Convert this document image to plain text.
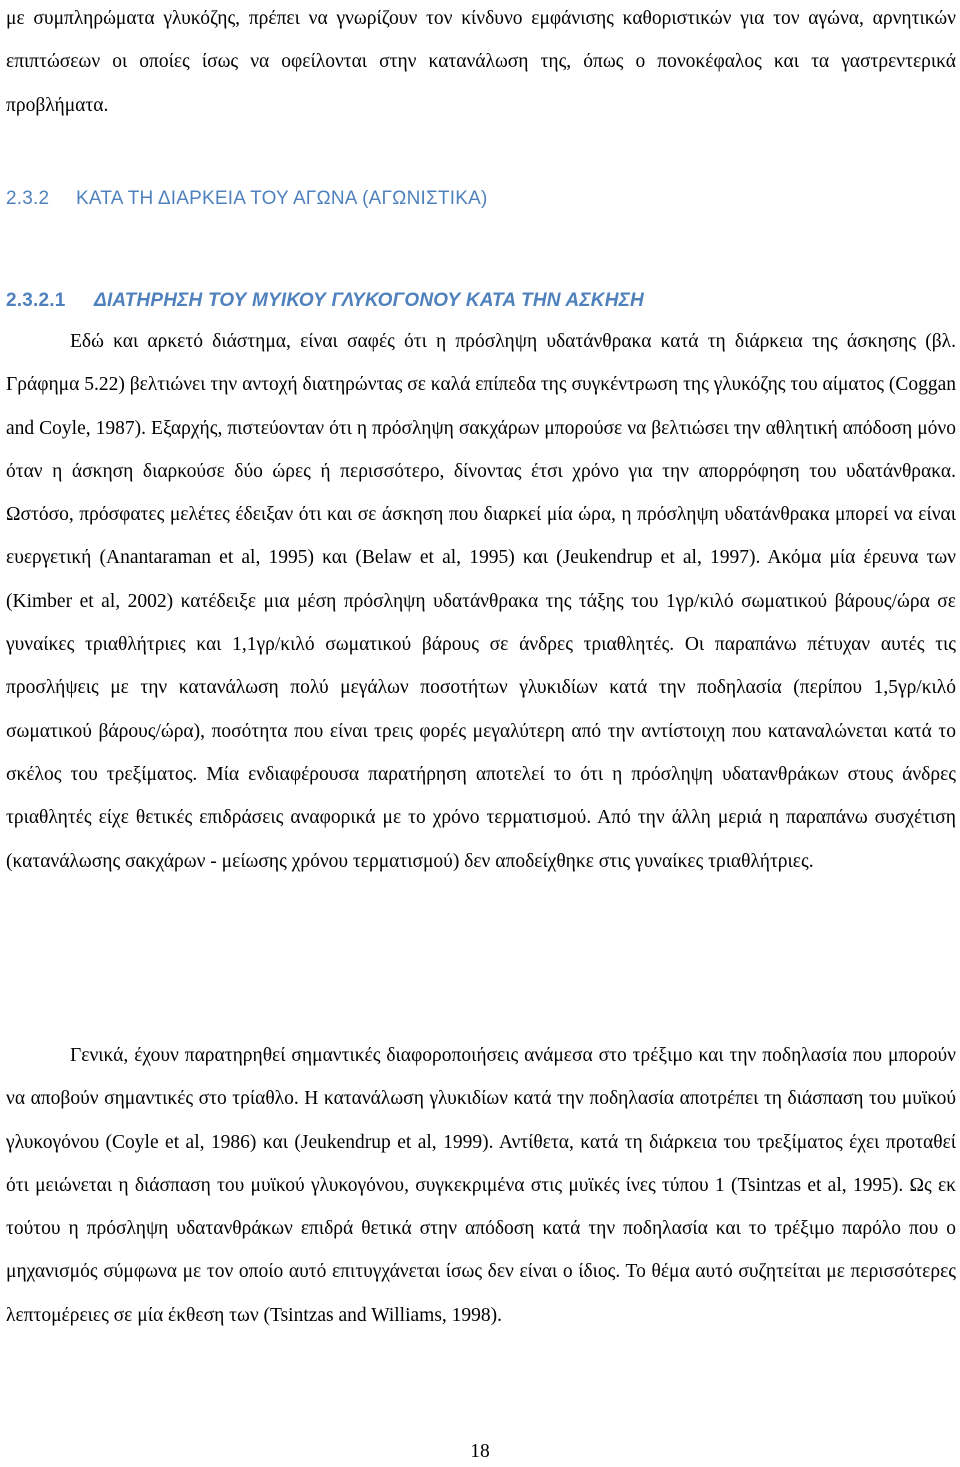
με συμπληρώματα γλυκόζης, πρέπει να γνωρίζουν τον κίνδυνο εμφάνισης καθοριστικών για τον αγώνα, αρνητικών επιπτώσεων οι οποίες ίσως να οφείλονται στην κατανάλωση της, όπως ο πονοκέφαλος και τα γαστρεντερικά προβλήματα.

2.3.2 ΚΑΤΑ ΤΗ ΔΙΑΡΚΕΙΑ ΤΟΥ ΑΓΩΝΑ (ΑΓΩΝΙΣΤΙΚΑ)
2.3.2.1 ΔΙΑΤΗΡΗΣΗ ΤΟΥ ΜΥΙΚΟΥ ΓΛΥΚΟΓΟΝΟΥ ΚΑΤΑ ΤΗΝ ΑΣΚΗΣΗ

Εδώ και αρκετό διάστημα, είναι σαφές ότι η πρόσληψη υδατάνθρακα κατά τη διάρκεια της άσκησης (βλ. Γράφημα 5.22) βελτιώνει την αντοχή διατηρώντας σε καλά επίπεδα της συγκέντρωση της γλυκόζης του αίματος (Coggan and Coyle, 1987). Εξαρχής, πιστεύονταν ότι η πρόσληψη σακχάρων μπορούσε να βελτιώσει την αθλητική απόδοση μόνο όταν η άσκηση διαρκούσε δύο ώρες ή περισσότερο, δίνοντας έτσι χρόνο για την απορρόφηση του υδατάνθρακα. Ωστόσο, πρόσφατες μελέτες έδειξαν ότι και σε άσκηση που διαρκεί μία ώρα, η πρόσληψη υδατάνθρακα μπορεί να είναι ευεργετική (Anantaraman et al, 1995) και (Belaw et al, 1995) και (Jeukendrup et al, 1997). Ακόμα μία έρευνα των (Kimber et al, 2002) κατέδειξε μια μέση πρόσληψη υδατάνθρακα της τάξης του 1γρ/κιλό σωματικού βάρους/ώρα σε γυναίκες τριαθλήτριες και 1,1γρ/κιλό σωματικού βάρους σε άνδρες τριαθλητές. Οι παραπάνω πέτυχαν αυτές τις προσλήψεις με την κατανάλωση πολύ μεγάλων ποσοτήτων γλυκιδίων κατά την ποδηλασία (περίπου 1,5γρ/κιλό σωματικού βάρους/ώρα), ποσότητα που είναι τρεις φορές μεγαλύτερη από την αντίστοιχη που καταναλώνεται κατά το σκέλος του τρεξίματος. Μία ενδιαφέρουσα παρατήρηση αποτελεί το ότι η πρόσληψη υδατανθράκων στους άνδρες τριαθλητές είχε θετικές επιδράσεις αναφορικά με το χρόνο τερματισμού. Από την άλλη μεριά η παραπάνω συσχέτιση (κατανάλωσης σακχάρων - μείωσης χρόνου τερματισμού) δεν αποδείχθηκε στις γυναίκες τριαθλήτριες.

Γενικά, έχουν παρατηρηθεί σημαντικές διαφοροποιήσεις ανάμεσα στο τρέξιμο και την ποδηλασία που μπορούν να αποβούν σημαντικές στο τρίαθλο. Η κατανάλωση γλυκιδίων κατά την ποδηλασία αποτρέπει τη διάσπαση του μυϊκού γλυκογόνου (Coyle et al, 1986) και (Jeukendrup et al, 1999). Αντίθετα, κατά τη διάρκεια του τρεξίματος έχει προταθεί ότι μειώνεται η διάσπαση του μυϊκού γλυκογόνου, συγκεκριμένα στις μυϊκές ίνες τύπου 1 (Tsintzas et al, 1995). Ως εκ τούτου η πρόσληψη υδατανθράκων επιδρά θετικά στην απόδοση κατά την ποδηλασία και το τρέξιμο παρόλο που ο μηχανισμός σύμφωνα με τον οποίο αυτό επιτυγχάνεται ίσως δεν είναι ο ίδιος. Το θέμα αυτό συζητείται με περισσότερες λεπτομέρειες σε μία έκθεση των (Tsintzas and Williams, 1998).

18
